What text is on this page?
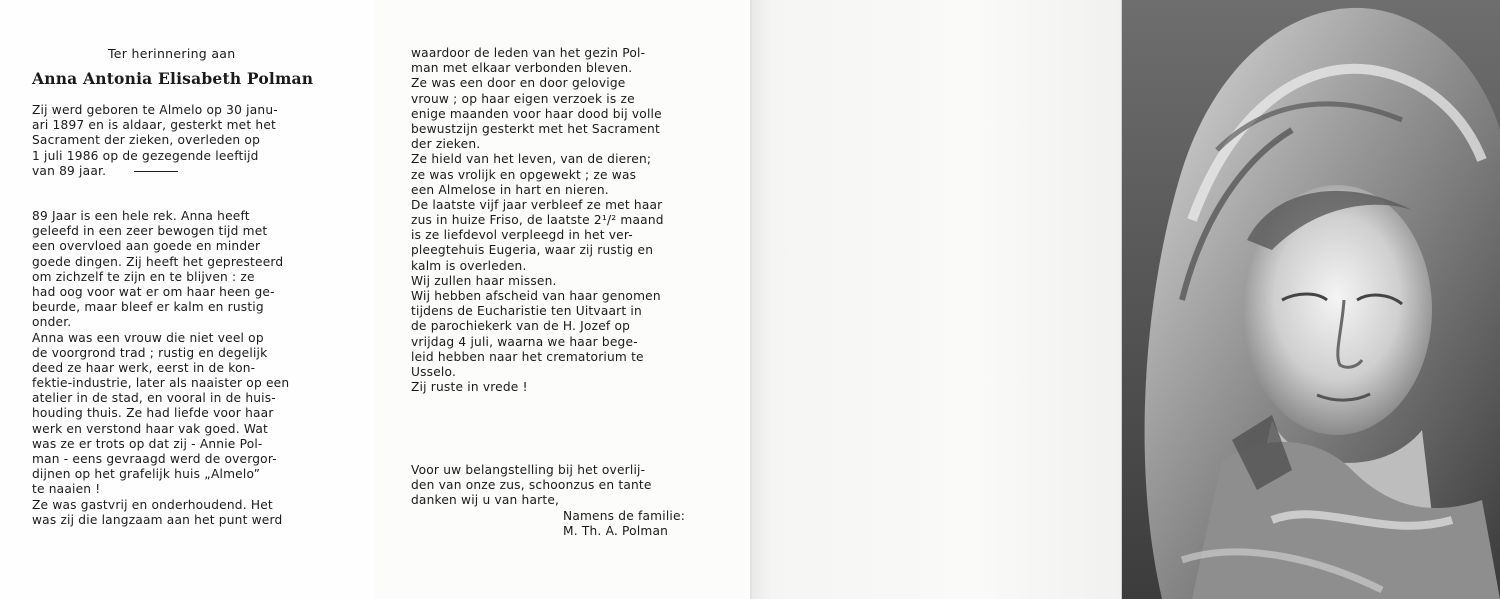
Ter herinnering aan
Anna Antonia Elisabeth Polman
Zij werd geboren te Almelo op 30 janu-
ari 1897 en is aldaar, gesterkt met het
Sacrament der zieken, overleden op
1 juli 1986 op de gezegende leeftijd
van 89 jaar.
89 Jaar is een hele rek. Anna heeft
geleefd in een zeer bewogen tijd met
een overvloed aan goede en minder
goede dingen. Zij heeft het gepresteerd
om zichzelf te zijn en te blijven : ze
had oog voor wat er om haar heen ge-
beurde, maar bleef er kalm en rustig
onder.
Anna was een vrouw die niet veel op
de voorgrond trad ; rustig en degelijk
deed ze haar werk, eerst in de kon-
fektie-industrie, later als naaister op een
atelier in de stad, en vooral in de huis-
houding thuis. Ze had liefde voor haar
werk en verstond haar vak goed. Wat
was ze er trots op dat zij - Annie Pol-
man - eens gevraagd werd de overgor-
dijnen op het grafelijk huis „Almelo”
te naaien !
Ze was gastvrij en onderhoudend. Het
was zij die langzaam aan het punt werd
waardoor de leden van het gezin Pol-
man met elkaar verbonden bleven.
Ze was een door en door gelovige
vrouw ; op haar eigen verzoek is ze
enige maanden voor haar dood bij volle
bewustzijn gesterkt met het Sacrament
der zieken.
Ze hield van het leven, van de dieren;
ze was vrolijk en opgewekt ; ze was
een Almelose in hart en nieren.
De laatste vijf jaar verbleef ze met haar
zus in huize Friso, de laatste 2¹/² maand
is ze liefdevol verpleegd in het ver-
pleegtehuis Eugeria, waar zij rustig en
kalm is overleden.
Wij zullen haar missen.
Wij hebben afscheid van haar genomen
tijdens de Eucharistie ten Uitvaart in
de parochiekerk van de H. Jozef op
vrijdag 4 juli, waarna we haar bege-
leid hebben naar het crematorium te
Usselo.
Zij ruste in vrede !
Voor uw belangstelling bij het overlij-
den van onze zus, schoonzus en tante
danken wij u van harte,
Namens de familie:
M. Th. A. Polman
